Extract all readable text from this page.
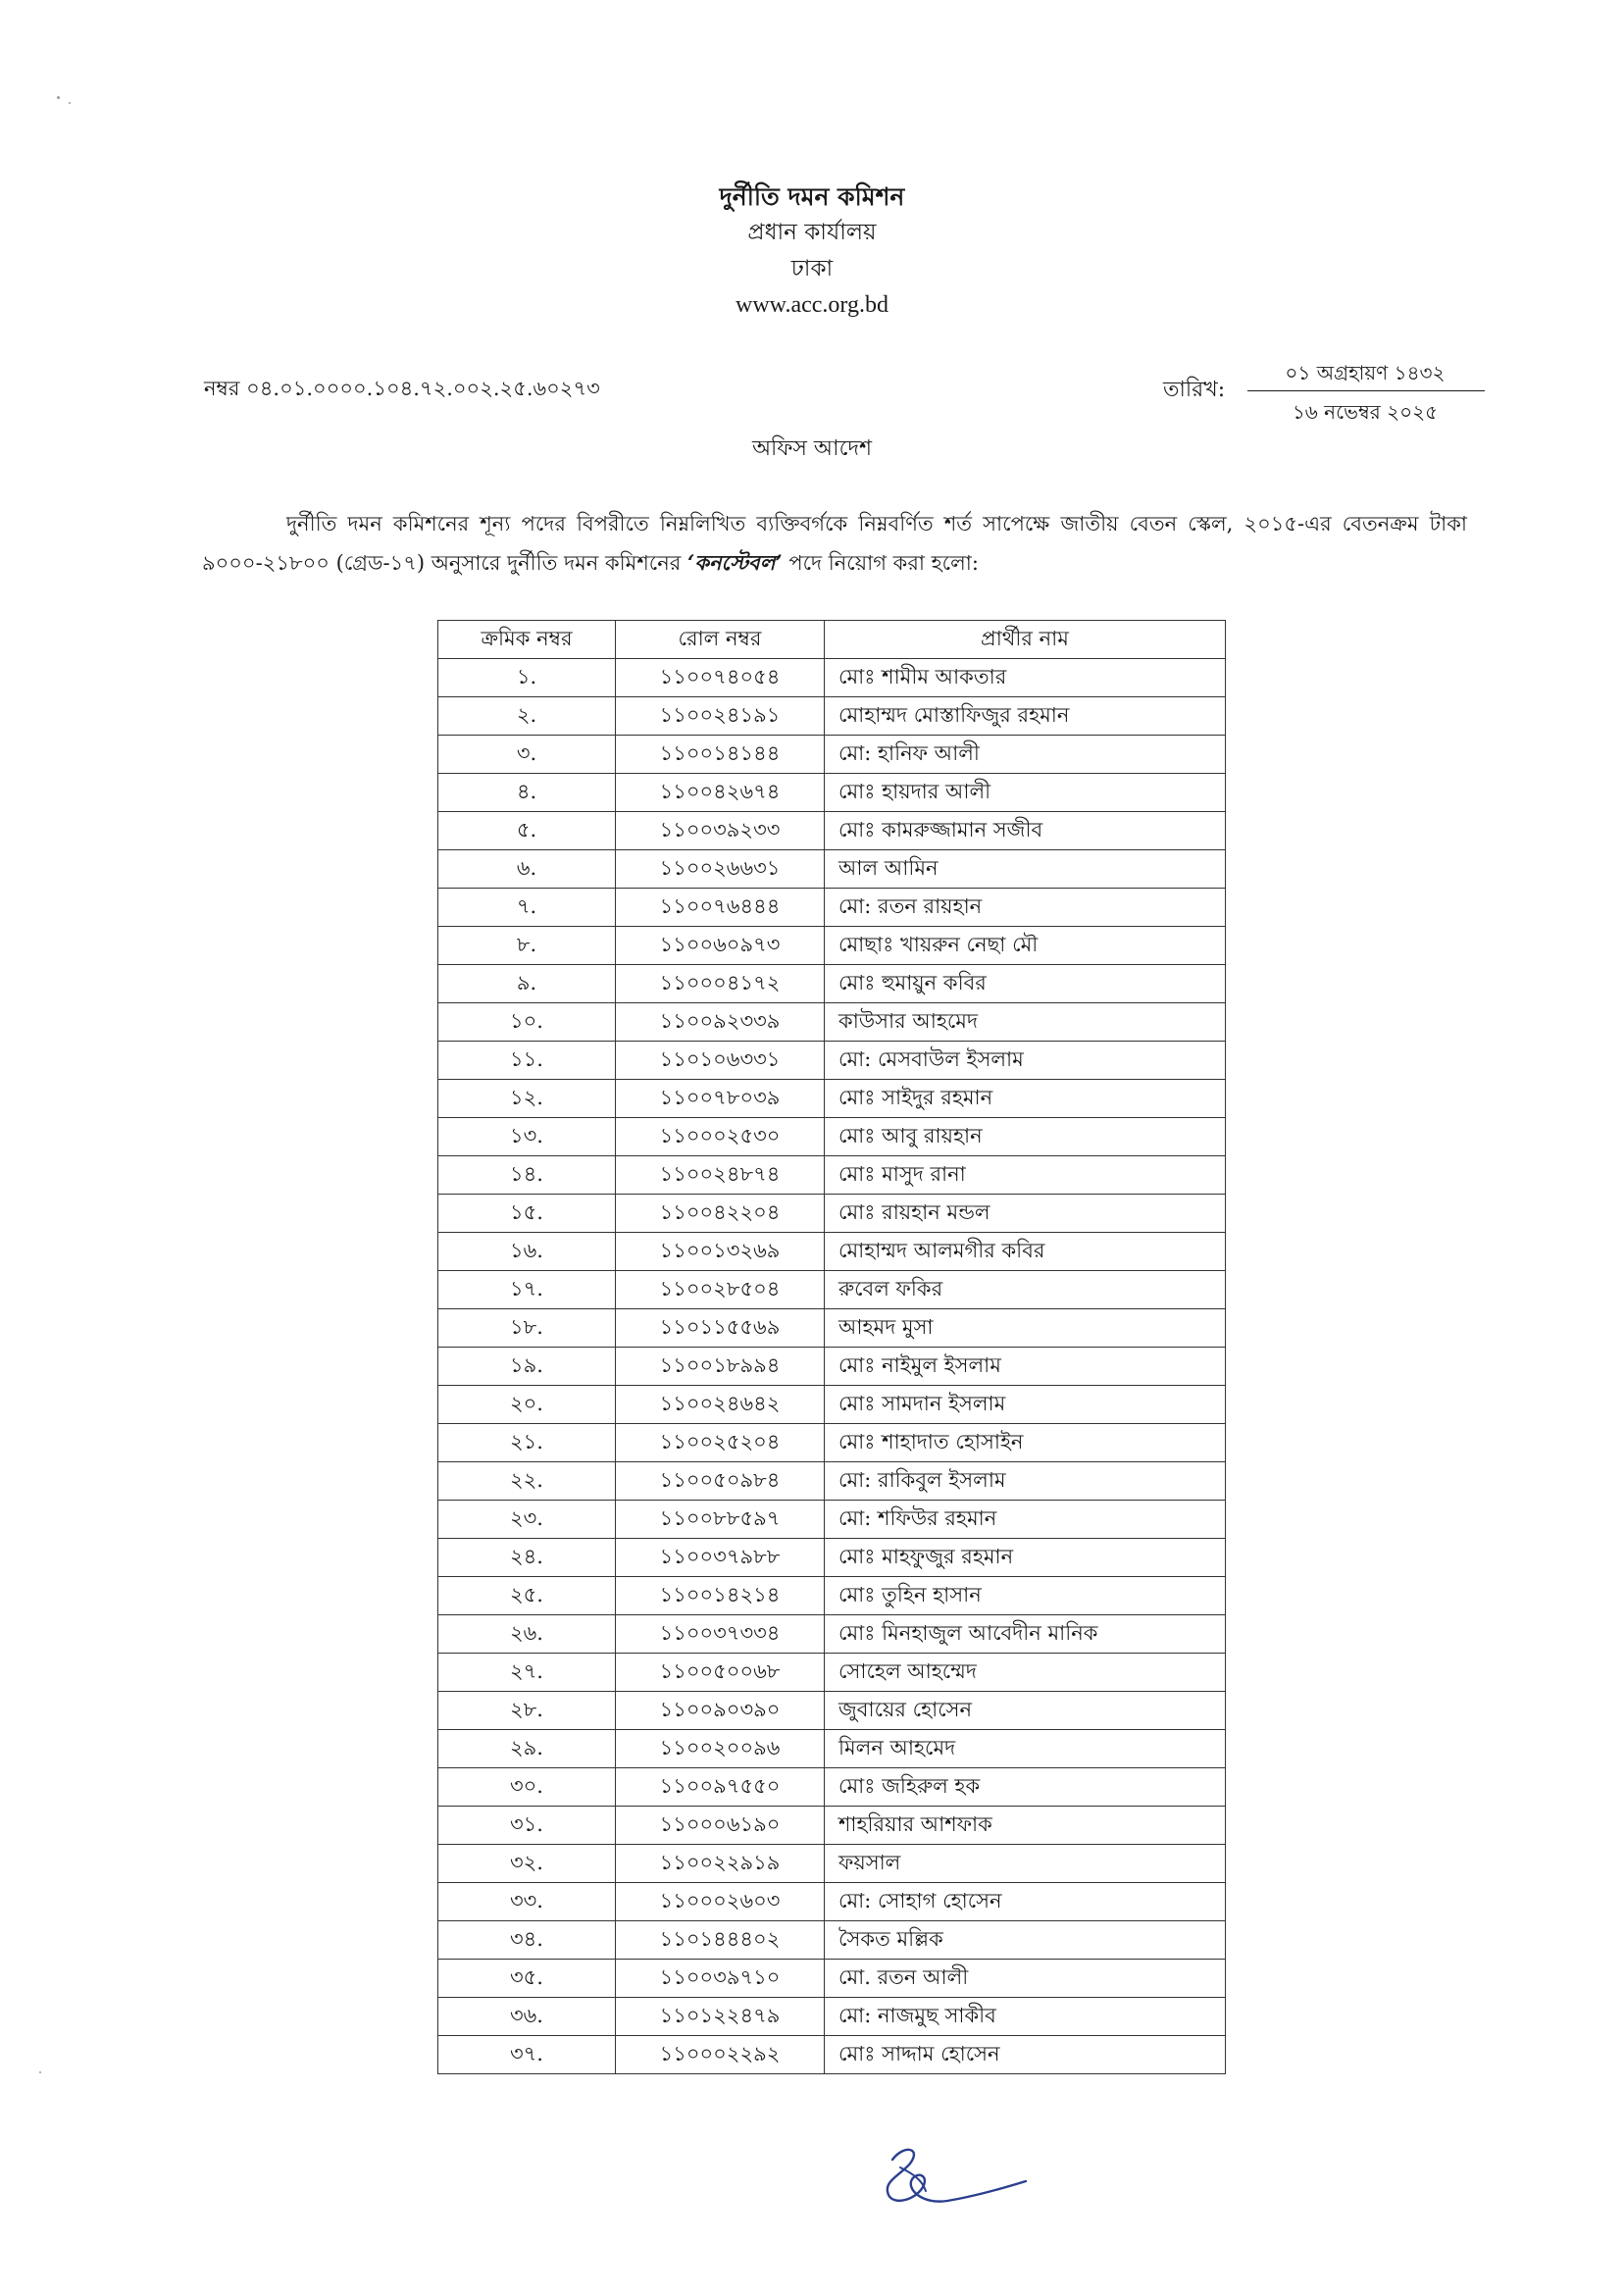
দুর্নীতি দমন কমিশন
প্রধান কার্যালয়
ঢাকা
www.acc.org.bd
নম্বর ০৪.০১.০০০০.১০৪.৭২.০০২.২৫.৬০২৭৩	তারিখ:
০১ অগ্রহায়ণ ১৪৩২
১৬ নভেম্বর ২০২৫
অফিস আদেশ
দুর্নীতি দমন কমিশনের শূন্য পদের বিপরীতে নিম্নলিখিত ব্যক্তিবর্গকে নিম্নবর্ণিত শর্ত সাপেক্ষে জাতীয় বেতন স্কেল, ২০১৫-এর বেতনক্রম টাকা ৯০০০-২১৮০০ (গ্রেড-১৭) অনুসারে দুর্নীতি দমন কমিশনের ‘কনস্টেবল’ পদে নিয়োগ করা হলো:
ক্রমিক নম্বর	রোল নম্বর	প্রার্থীর নাম
১.	১১০০৭৪০৫৪	মোঃ শামীম আকতার
২.	১১০০২৪১৯১	মোহাম্মদ মোস্তাফিজুর রহমান
৩.	১১০০১৪১৪৪	মো: হানিফ আলী
৪.	১১০০৪২৬৭৪	মোঃ হায়দার আলী
৫.	১১০০৩৯২৩৩	মোঃ কামরুজ্জামান সজীব
৬.	১১০০২৬৬৩১	আল আমিন
৭.	১১০০৭৬৪৪৪	মো: রতন রায়হান
৮.	১১০০৬০৯৭৩	মোছাঃ খায়রুন নেছা মৌ
৯.	১১০০০৪১৭২	মোঃ হুমায়ুন কবির
১০.	১১০০৯২৩৩৯	কাউসার আহমেদ
১১.	১১০১০৬৩৩১	মো: মেসবাউল ইসলাম
১২.	১১০০৭৮০৩৯	মোঃ সাইদুর রহমান
১৩.	১১০০০২৫৩০	মোঃ আবু রায়হান
১৪.	১১০০২৪৮৭৪	মোঃ মাসুদ রানা
১৫.	১১০০৪২২০৪	মোঃ রায়হান মন্ডল
১৬.	১১০০১৩২৬৯	মোহাম্মদ আলমগীর কবির
১৭.	১১০০২৮৫০৪	রুবেল ফকির
১৮.	১১০১১৫৫৬৯	আহমদ মুসা
১৯.	১১০০১৮৯৯৪	মোঃ নাইমুল ইসলাম
২০.	১১০০২৪৬৪২	মোঃ সামদান ইসলাম
২১.	১১০০২৫২০৪	মোঃ শাহাদাত হোসাইন
২২.	১১০০৫০৯৮৪	মো: রাকিবুল ইসলাম
২৩.	১১০০৮৮৫৯৭	মো: শফিউর রহমান
২৪.	১১০০৩৭৯৮৮	মোঃ মাহফুজুর রহমান
২৫.	১১০০১৪২১৪	মোঃ তুহিন হাসান
২৬.	১১০০৩৭৩৩৪	মোঃ মিনহাজুল আবেদীন মানিক
২৭.	১১০০৫০০৬৮	সোহেল আহম্মেদ
২৮.	১১০০৯০৩৯০	জুবায়ের হোসেন
২৯.	১১০০২০০৯৬	মিলন আহমেদ
৩০.	১১০০৯৭৫৫০	মোঃ জহিরুল হক
৩১.	১১০০০৬১৯০	শাহরিয়ার আশফাক
৩২.	১১০০২২৯১৯	ফয়সাল
৩৩.	১১০০০২৬০৩	মো: সোহাগ হোসেন
৩৪.	১১০১৪৪৪০২	সৈকত মল্লিক
৩৫.	১১০০৩৯৭১০	মো. রতন আলী
৩৬.	১১০১২২৪৭৯	মো: নাজমুছ সাকীব
৩৭.	১১০০০২২৯২	মোঃ সাদ্দাম হোসেন
